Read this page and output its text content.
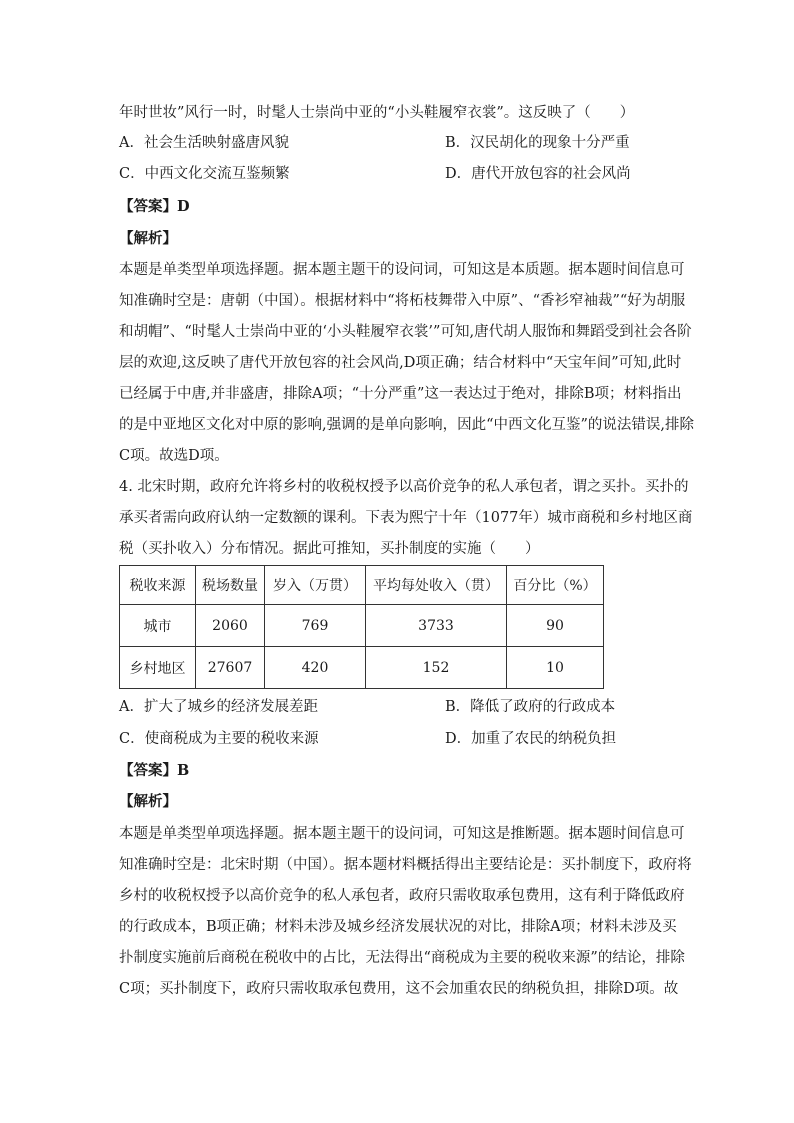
年时世妆”风行一时，时髦人士崇尚中亚的“小头鞋履窄衣裳”。这反映了（　　）
A．社会生活映射盛唐风貌	B．汉民胡化的现象十分严重
C．中西文化交流互鉴频繁	D．唐代开放包容的社会风尚
【答案】D
【解析】
本题是单类型单项选择题。据本题主题干的设问词，可知这是本质题。据本题时间信息可
知准确时空是：唐朝（中国）。根据材料中“将柘枝舞带入中原”、“香衫窄袖裁”“好为胡服
和胡帽”、“时髦人士崇尚中亚的‘小头鞋履窄衣裳’”可知,唐代胡人服饰和舞蹈受到社会各阶
层的欢迎,这反映了唐代开放包容的社会风尚,D项正确；结合材料中“天宝年间”可知,此时
已经属于中唐,并非盛唐，排除A项；“十分严重”这一表达过于绝对，排除B项；材料指出
的是中亚地区文化对中原的影响,强调的是单向影响，因此“中西文化互鉴”的说法错误,排除
C项。故选D项。
4. 北宋时期，政府允许将乡村的收税权授予以高价竞争的私人承包者，谓之买扑。买扑的
承买者需向政府认纳一定数额的课利。下表为熙宁十年（1077年）城市商税和乡村地区商
税（买扑收入）分布情况。据此可推知，买扑制度的实施（　　）
税收来源	税场数量	岁入（万贯）	平均每处收入（贯）	百分比（%）
城市	2060	769	3733	90
乡村地区	27607	420	152	10
A．扩大了城乡的经济发展差距	B．降低了政府的行政成本
C．使商税成为主要的税收来源	D．加重了农民的纳税负担
【答案】B
【解析】
本题是单类型单项选择题。据本题主题干的设问词，可知这是推断题。据本题时间信息可
知准确时空是：北宋时期（中国）。据本题材料概括得出主要结论是：买扑制度下，政府将
乡村的收税权授予以高价竞争的私人承包者，政府只需收取承包费用，这有利于降低政府
的行政成本，B项正确；材料未涉及城乡经济发展状况的对比，排除A项；材料未涉及买
扑制度实施前后商税在税收中的占比，无法得出“商税成为主要的税收来源”的结论，排除
C项；买扑制度下，政府只需收取承包费用，这不会加重农民的纳税负担，排除D项。故
